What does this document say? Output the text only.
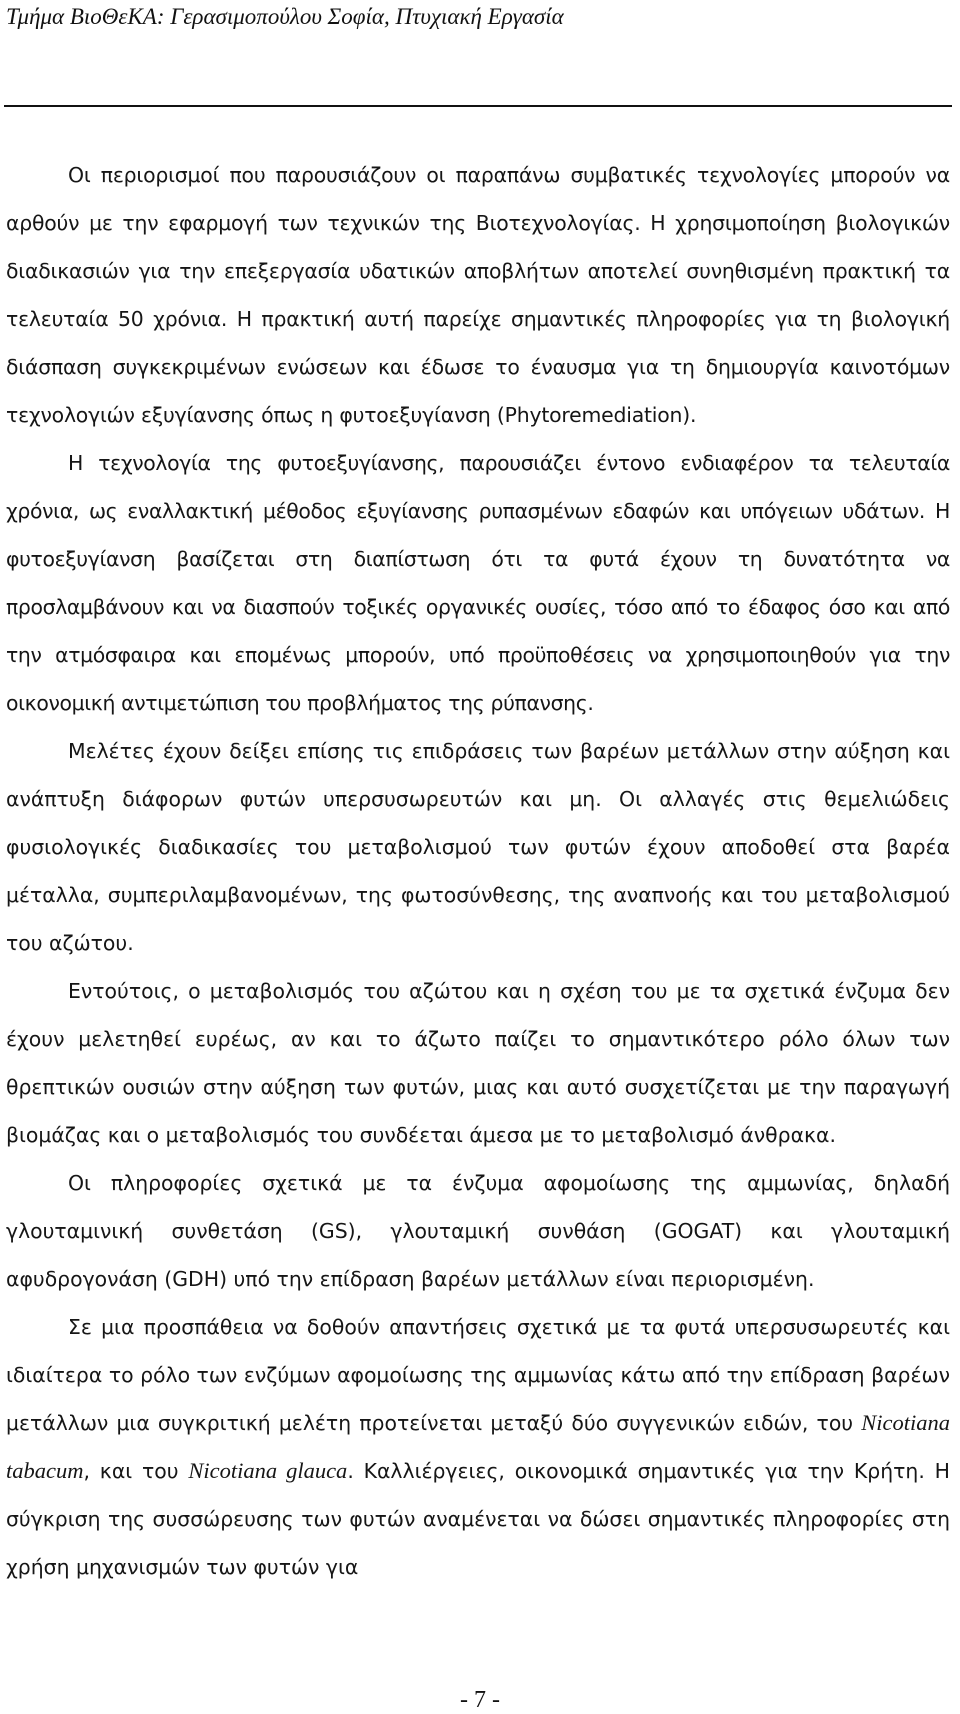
Τμήμα ΒιοΘεΚΑ: Γερασιμοπούλου Σοφία, Πτυχιακή Εργασία

Οι περιορισμοί που παρουσιάζουν οι παραπάνω συμβατικές τεχνολογίες μπορούν να αρθούν με την εφαρμογή των τεχνικών της Βιοτεχνολογίας. Η χρησιμοποίηση βιολογικών διαδικασιών για την επεξεργασία υδατικών αποβλήτων αποτελεί συνηθισμένη πρακτική τα τελευταία 50 χρόνια. Η πρακτική αυτή παρείχε σημαντικές πληροφορίες για τη βιολογική διάσπαση συγκεκριμένων ενώσεων και έδωσε το έναυσμα για τη δημιουργία καινοτόμων τεχνολογιών εξυγίανσης όπως η φυτοεξυγίανση (Phytoremediation).

Η τεχνολογία της φυτοεξυγίανσης, παρουσιάζει έντονο ενδιαφέρον τα τελευταία χρόνια, ως εναλλακτική μέθοδος εξυγίανσης ρυπασμένων εδαφών και υπόγειων υδάτων. Η φυτοεξυγίανση βασίζεται στη διαπίστωση ότι τα φυτά έχουν τη δυνατότητα να προσλαμβάνουν και να διασπούν τοξικές οργανικές ουσίες, τόσο από το έδαφος όσο και από την ατμόσφαιρα και επομένως μπορούν, υπό προϋποθέσεις να χρησιμοποιηθούν για την οικονομική αντιμετώπιση του προβλήματος της ρύπανσης.

Μελέτες έχουν δείξει επίσης τις επιδράσεις των βαρέων μετάλλων στην αύξηση και ανάπτυξη διάφορων φυτών υπερσυσωρευτών και μη. Οι αλλαγές στις θεμελιώδεις φυσιολογικές διαδικασίες του μεταβολισμού των φυτών έχουν αποδοθεί στα βαρέα μέταλλα, συμπεριλαμβανομένων, της φωτοσύνθεσης, της αναπνοής και του μεταβολισμού του αζώτου.

Εντούτοις, ο μεταβολισμός του αζώτου και η σχέση του με τα σχετικά ένζυμα δεν έχουν μελετηθεί ευρέως, αν και το άζωτο παίζει το σημαντικότερο ρόλο όλων των θρεπτικών ουσιών στην αύξηση των φυτών, μιας και αυτό συσχετίζεται με την παραγωγή βιομάζας και ο μεταβολισμός του συνδέεται άμεσα με το μεταβολισμό άνθρακα.

Οι πληροφορίες σχετικά με τα ένζυμα αφομοίωσης της αμμωνίας, δηλαδή γλουταμινική συνθετάση (GS), γλουταμική συνθάση (GOGAT) και γλουταμική αφυδρογονάση (GDH) υπό την επίδραση βαρέων μετάλλων είναι περιορισμένη.

Σε μια προσπάθεια να δοθούν απαντήσεις σχετικά με τα φυτά υπερσυσωρευτές και ιδιαίτερα το ρόλο των ενζύμων αφομοίωσης της αμμωνίας κάτω από την επίδραση βαρέων μετάλλων μια συγκριτική μελέτη προτείνεται μεταξύ δύο συγγενικών ειδών, του Nicotiana tabacum, και του Nicotiana glauca. Καλλιέργειες, οικονομικά σημαντικές για την Κρήτη. Η σύγκριση της συσσώρευσης των φυτών αναμένεται να δώσει σημαντικές πληροφορίες στη χρήση μηχανισμών των φυτών για

- 7 -
